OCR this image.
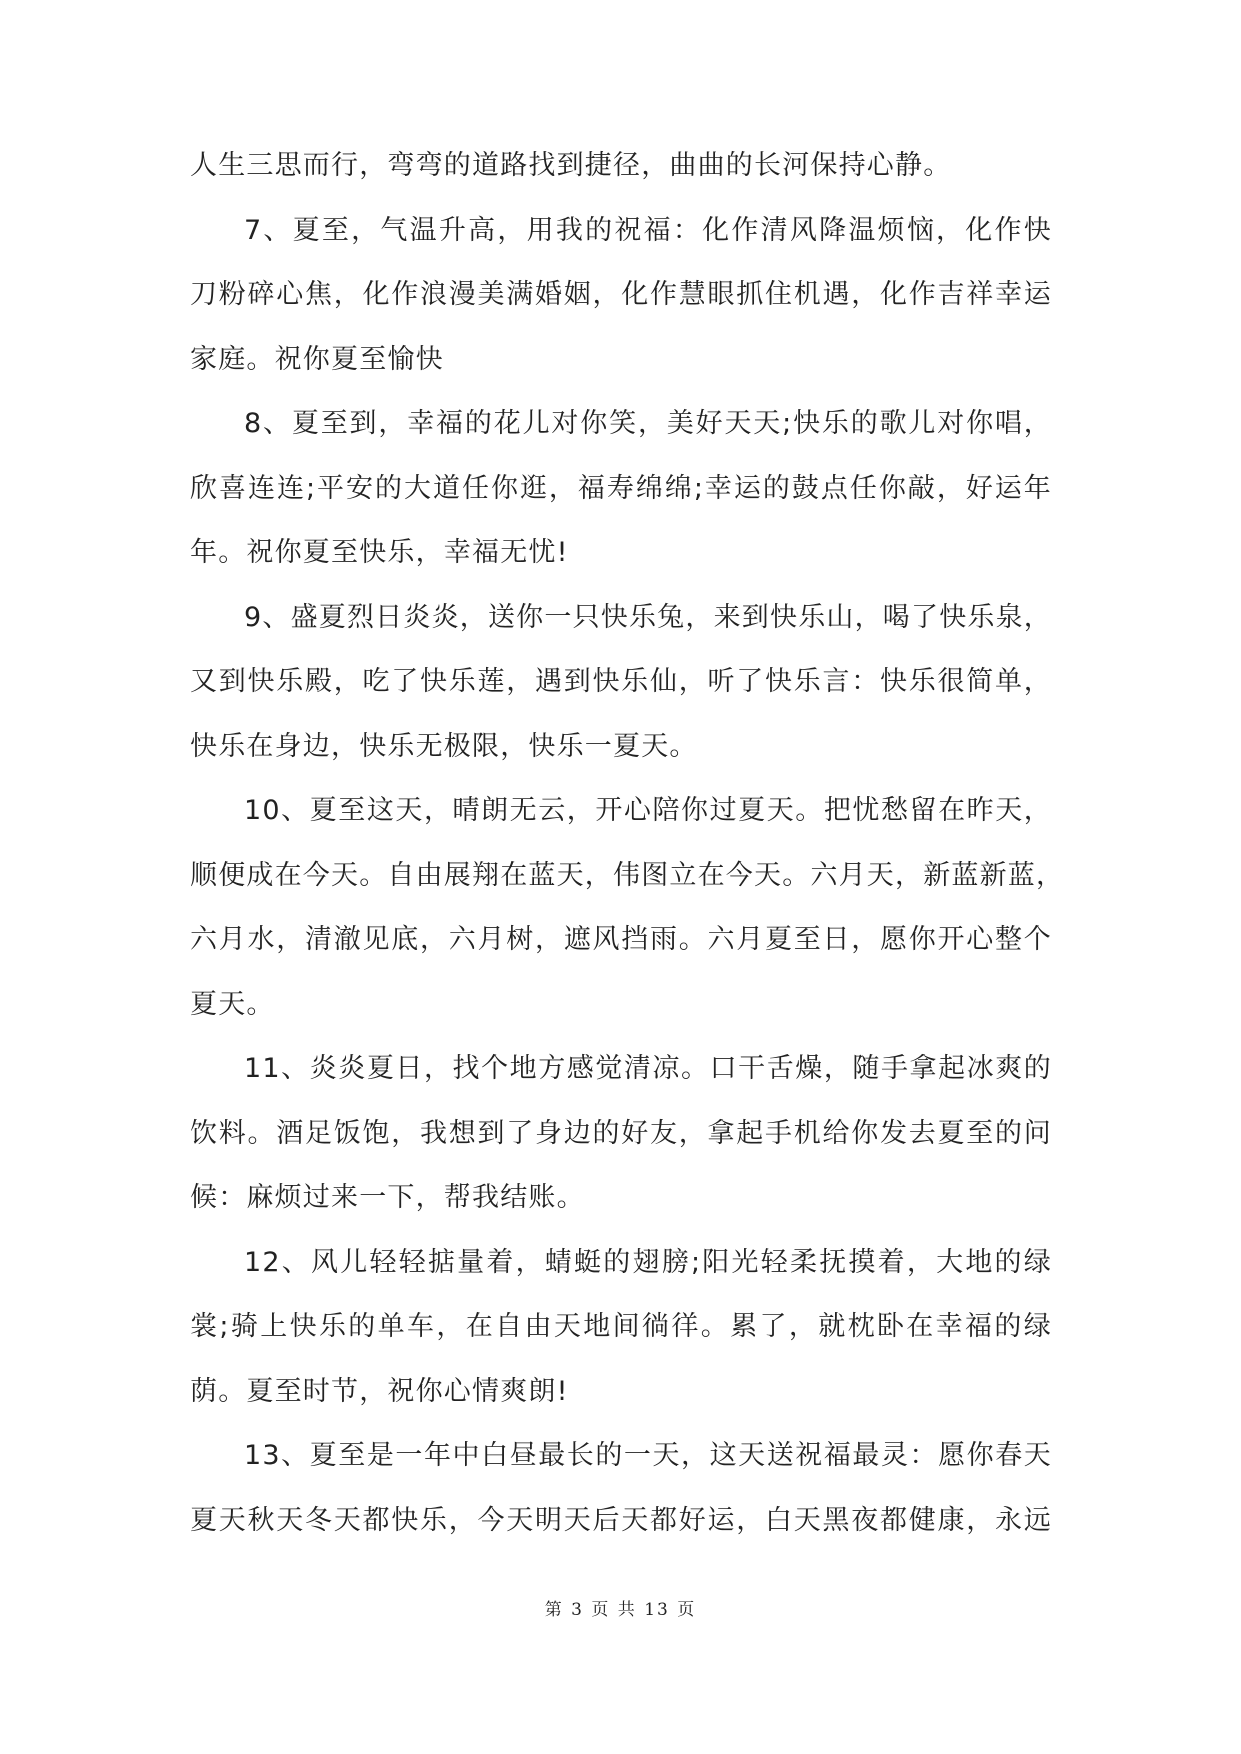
人生三思而行，弯弯的道路找到捷径，曲曲的长河保持心静。
7、夏至，气温升高，用我的祝福：化作清风降温烦恼，化作快
刀粉碎心焦，化作浪漫美满婚姻，化作慧眼抓住机遇，化作吉祥幸运
家庭。祝你夏至愉快
8、夏至到，幸福的花儿对你笑，美好天天;快乐的歌儿对你唱，
欣喜连连;平安的大道任你逛，福寿绵绵;幸运的鼓点任你敲，好运年
年。祝你夏至快乐，幸福无忧!
9、盛夏烈日炎炎，送你一只快乐兔，来到快乐山，喝了快乐泉，
又到快乐殿，吃了快乐莲，遇到快乐仙，听了快乐言：快乐很简单，
快乐在身边，快乐无极限，快乐一夏天。
10、夏至这天，晴朗无云，开心陪你过夏天。把忧愁留在昨天，
顺便成在今天。自由展翔在蓝天，伟图立在今天。六月天，新蓝新蓝，
六月水，清澈见底，六月树，遮风挡雨。六月夏至日，愿你开心整个
夏天。
11、炎炎夏日，找个地方感觉清凉。口干舌燥，随手拿起冰爽的
饮料。酒足饭饱，我想到了身边的好友，拿起手机给你发去夏至的问
候：麻烦过来一下，帮我结账。
12、风儿轻轻掂量着，蜻蜓的翅膀;阳光轻柔抚摸着，大地的绿
裳;骑上快乐的单车，在自由天地间徜徉。累了，就枕卧在幸福的绿
荫。夏至时节，祝你心情爽朗!
13、夏至是一年中白昼最长的一天，这天送祝福最灵：愿你春天
夏天秋天冬天都快乐，今天明天后天都好运，白天黑夜都健康，永远
第 3 页 共 13 页
